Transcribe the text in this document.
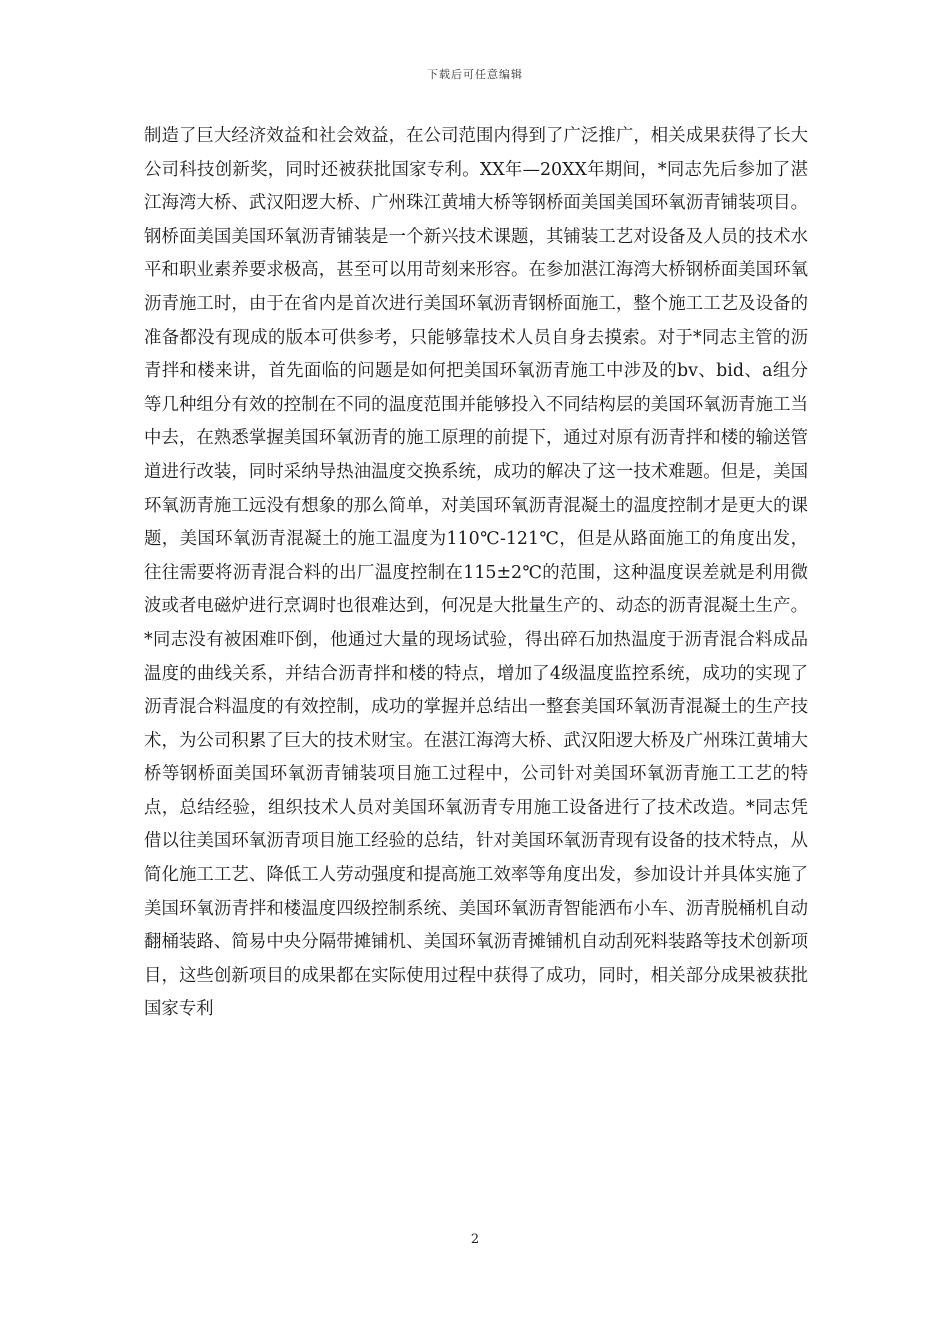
下载后可任意编辑

制造了巨大经济效益和社会效益，在公司范围内得到了广泛推广，相关成果获得了长大公司科技创新奖，同时还被获批国家专利。XX年—20XX年期间，*同志先后参加了湛江海湾大桥、武汉阳逻大桥、广州珠江黄埔大桥等钢桥面美国美国环氧沥青铺装项目。钢桥面美国美国环氧沥青铺装是一个新兴技术课题，其铺装工艺对设备及人员的技术水平和职业素养要求极高，甚至可以用苛刻来形容。在参加湛江海湾大桥钢桥面美国环氧沥青施工时，由于在省内是首次进行美国环氧沥青钢桥面施工，整个施工工艺及设备的准备都没有现成的版本可供参考，只能够靠技术人员自身去摸索。对于*同志主管的沥青拌和楼来讲，首先面临的问题是如何把美国环氧沥青施工中涉及的bv、bid、a组分等几种组分有效的控制在不同的温度范围并能够投入不同结构层的美国环氧沥青施工当中去，在熟悉掌握美国环氧沥青的施工原理的前提下，通过对原有沥青拌和楼的输送管道进行改装，同时采纳导热油温度交换系统，成功的解决了这一技术难题。但是，美国环氧沥青施工远没有想象的那么简单，对美国环氧沥青混凝土的温度控制才是更大的课题，美国环氧沥青混凝土的施工温度为110℃-121℃，但是从路面施工的角度出发，往往需要将沥青混合料的出厂温度控制在115±2℃的范围，这种温度误差就是利用微波或者电磁炉进行烹调时也很难达到，何况是大批量生产的、动态的沥青混凝土生产。*同志没有被困难吓倒，他通过大量的现场试验，得出碎石加热温度于沥青混合料成品温度的曲线关系，并结合沥青拌和楼的特点，增加了4级温度监控系统，成功的实现了沥青混合料温度的有效控制，成功的掌握并总结出一整套美国环氧沥青混凝土的生产技术，为公司积累了巨大的技术财宝。在湛江海湾大桥、武汉阳逻大桥及广州珠江黄埔大桥等钢桥面美国环氧沥青铺装项目施工过程中，公司针对美国环氧沥青施工工艺的特点，总结经验，组织技术人员对美国环氧沥青专用施工设备进行了技术改造。*同志凭借以往美国环氧沥青项目施工经验的总结，针对美国环氧沥青现有设备的技术特点，从简化施工工艺、降低工人劳动强度和提高施工效率等角度出发，参加设计并具体实施了美国环氧沥青拌和楼温度四级控制系统、美国环氧沥青智能洒布小车、沥青脱桶机自动翻桶装路、简易中央分隔带摊铺机、美国环氧沥青摊铺机自动刮死料装路等技术创新项目，这些创新项目的成果都在实际使用过程中获得了成功，同时，相关部分成果被获批国家专利

2
